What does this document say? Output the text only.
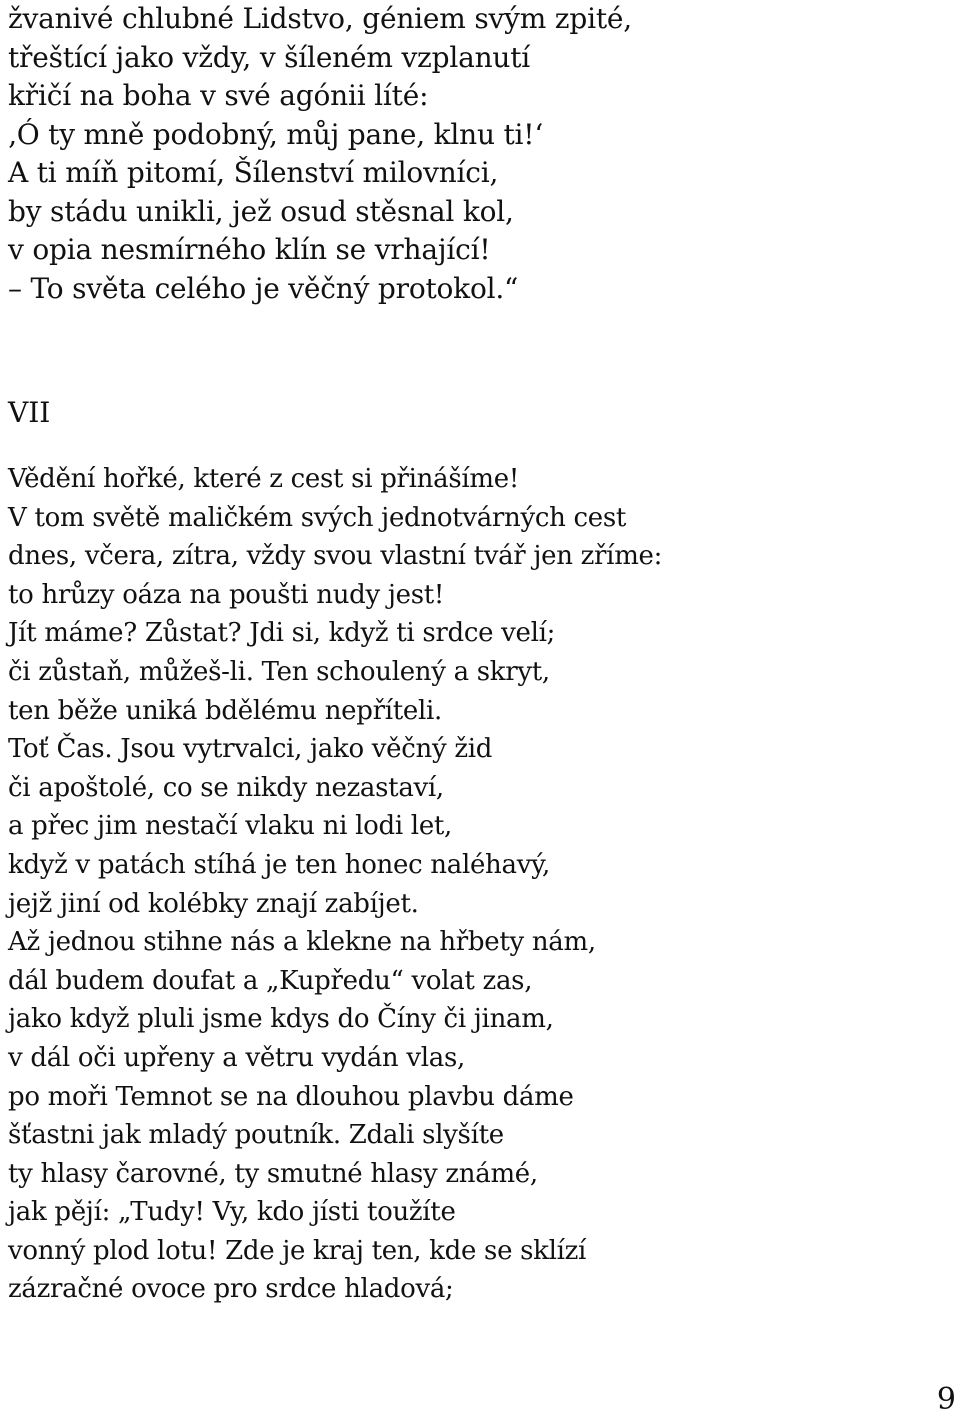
žvanivé chlubné Lidstvo, géniem svým zpité,
třeštící jako vždy, v šíleném vzplanutí
křičí na boha v své agónii líté:
‚Ó ty mně podobný, můj pane, klnu ti!‘
A ti míň pitomí, Šílenství milovníci,
by stádu unikli, jež osud stěsnal kol,
v opia nesmírného klín se vrhající!
– To světa celého je věčný protokol.“
VII
Vědění hořké, které z cest si přinášíme!
V tom světě maličkém svých jednotvárných cest
dnes, včera, zítra, vždy svou vlastní tvář jen zříme:
to hrůzy oáza na poušti nudy jest!
Jít máme? Zůstat? Jdi si, když ti srdce velí;
či zůstaň, můžeš-li. Ten schoulený a skryt,
ten běže uniká bdělému nepříteli.
Toť Čas. Jsou vytrvalci, jako věčný žid
či apoštolé, co se nikdy nezastaví,
a přec jim nestačí vlaku ni lodi let,
když v patách stíhá je ten honec naléhavý,
jejž jiní od kolébky znají zabíjet.
Až jednou stihne nás a klekne na hřbety nám,
dál budem doufat a „Kupředu“ volat zas,
jako když pluli jsme kdys do Číny či jinam,
v dál oči upřeny a větru vydán vlas,
po moři Temnot se na dlouhou plavbu dáme
šťastni jak mladý poutník. Zdali slyšíte
ty hlasy čarovné, ty smutné hlasy známé,
jak pějí: „Tudy! Vy, kdo jísti toužíte
vonný plod lotu! Zde je kraj ten, kde se sklízí
zázračné ovoce pro srdce hladová;
9
